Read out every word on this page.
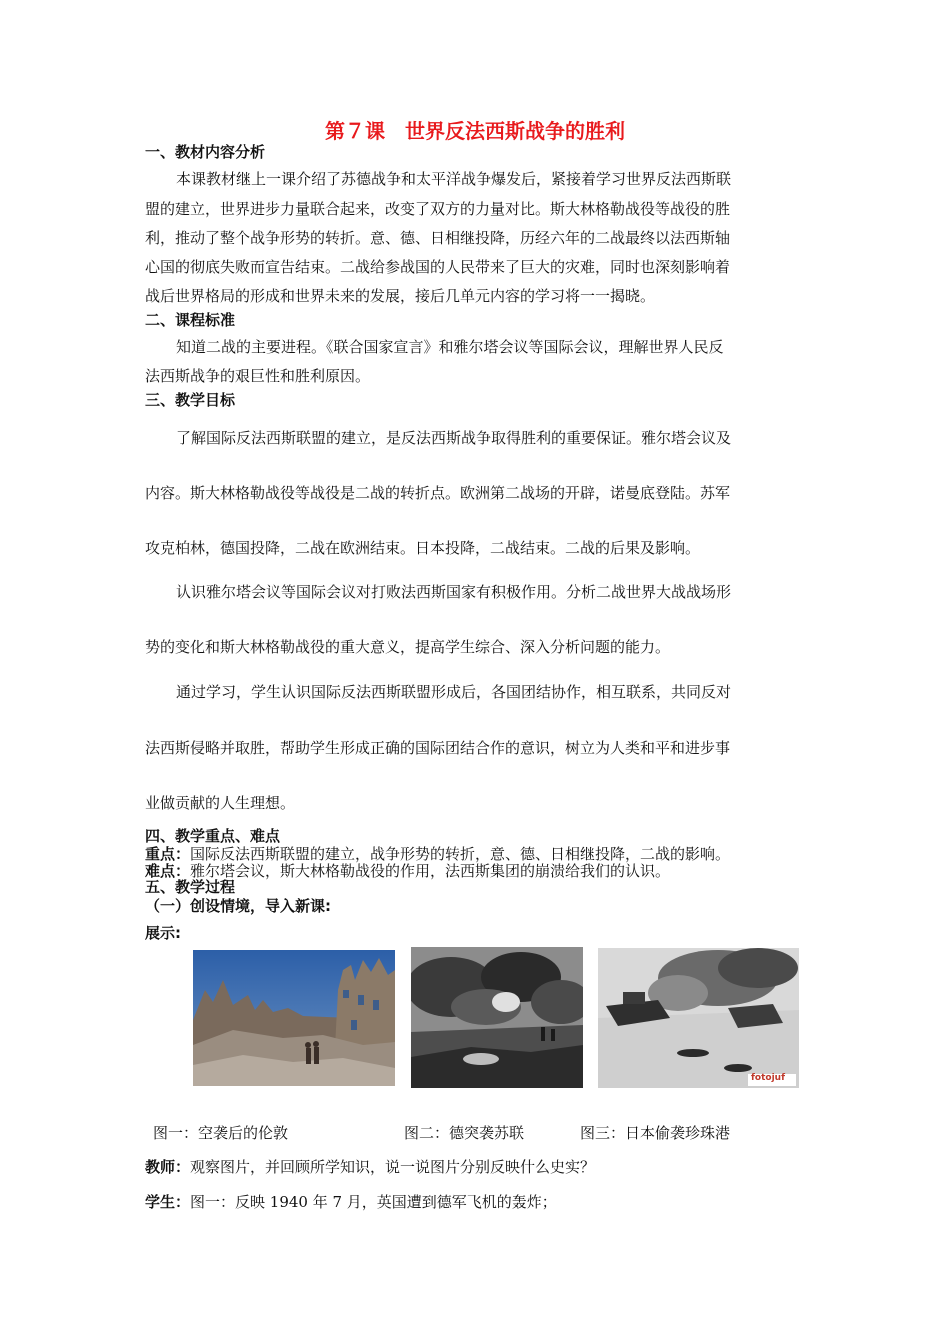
第７课 世界反法西斯战争的胜利
一、教材内容分析
本课教材继上一课介绍了苏德战争和太平洋战争爆发后，紧接着学习世界反法西斯联
盟的建立，世界进步力量联合起来，改变了双方的力量对比。斯大林格勒战役等战役的胜
利，推动了整个战争形势的转折。意、德、日相继投降，历经六年的二战最终以法西斯轴
心国的彻底失败而宣告结束。二战给参战国的人民带来了巨大的灾难，同时也深刻影响着
战后世界格局的形成和世界未来的发展，接后几单元内容的学习将一一揭晓。
二、课程标准
知道二战的主要进程。《联合国家宣言》和雅尔塔会议等国际会议，理解世界人民反
法西斯战争的艰巨性和胜利原因。
三、教学目标
了解国际反法西斯联盟的建立，是反法西斯战争取得胜利的重要保证。雅尔塔会议及
内容。斯大林格勒战役等战役是二战的转折点。欧洲第二战场的开辟，诺曼底登陆。苏军
攻克柏林，德国投降，二战在欧洲结束。日本投降，二战结束。二战的后果及影响。
认识雅尔塔会议等国际会议对打败法西斯国家有积极作用。分析二战世界大战战场形
势的变化和斯大林格勒战役的重大意义，提高学生综合、深入分析问题的能力。
通过学习，学生认识国际反法西斯联盟形成后，各国团结协作，相互联系，共同反对
法西斯侵略并取胜，帮助学生形成正确的国际团结合作的意识，树立为人类和平和进步事
业做贡献的人生理想。
四、教学重点、难点
重点：国际反法西斯联盟的建立，战争形势的转折，意、德、日相继投降，二战的影响。
难点：雅尔塔会议，斯大林格勒战役的作用，法西斯集团的崩溃给我们的认识。
五、教学过程
（一）创设情境，导入新课:
展示:
fotojuf
图一：空袭后的伦敦	图二：德突袭苏联	图三：日本偷袭珍珠港
教师：观察图片，并回顾所学知识，说一说图片分别反映什么史实？
学生：图一：反映 1940 年 7 月，英国遭到德军飞机的轰炸；
